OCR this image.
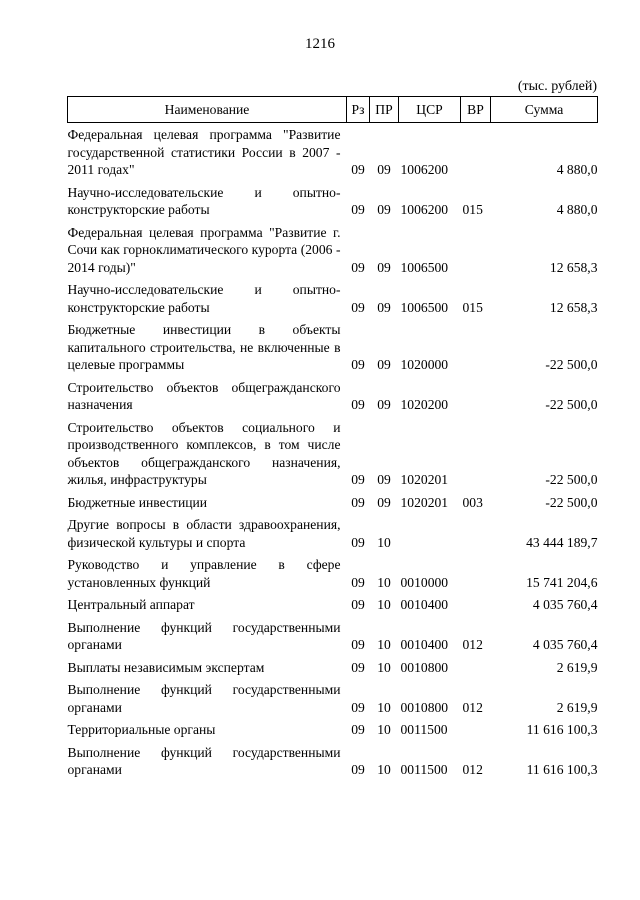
1216
(тыс. рублей)
Наименование	Рз	ПР	ЦСР	ВР	Сумма
Федеральная целевая программа "Развитие государственной статистики России в 2007 - 2011 годах"	09	09	1006200		4 880,0
Научно-исследовательские и опытно-конструкторские работы	09	09	1006200	015	4 880,0
Федеральная целевая программа "Развитие г. Сочи как горноклиматического курорта (2006 - 2014 годы)"	09	09	1006500		12 658,3
Научно-исследовательские и опытно-конструкторские работы	09	09	1006500	015	12 658,3
Бюджетные инвестиции в объекты капитального строительства, не включенные в целевые программы	09	09	1020000		-22 500,0
Строительство объектов общегражданского назначения	09	09	1020200		-22 500,0
Строительство объектов социального и производственного комплексов, в том числе объектов общегражданского назначения, жилья, инфраструктуры	09	09	1020201		-22 500,0
Бюджетные инвестиции	09	09	1020201	003	-22 500,0
Другие вопросы в области здравоохранения, физической культуры и спорта	09	10			43 444 189,7
Руководство и управление в сфере установленных функций	09	10	0010000		15 741 204,6
Центральный аппарат	09	10	0010400		4 035 760,4
Выполнение функций государственными органами	09	10	0010400	012	4 035 760,4
Выплаты независимым экспертам	09	10	0010800		2 619,9
Выполнение функций государственными органами	09	10	0010800	012	2 619,9
Территориальные органы	09	10	0011500		11 616 100,3
Выполнение функций государственными органами	09	10	0011500	012	11 616 100,3
